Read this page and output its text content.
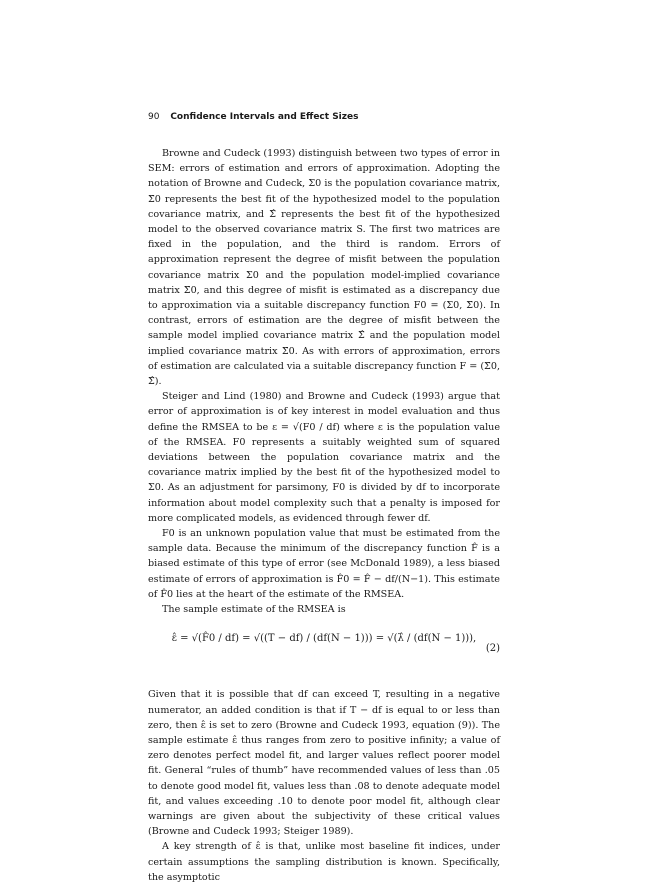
90 Confidence Intervals and Effect Sizes

Browne and Cudeck (1993) distinguish between two types of error in SEM: errors of estimation and errors of approximation. Adopting the notation of Browne and Cudeck, Σ0 is the population covariance matrix, Σ̃0 represents the best fit of the hypothesized model to the population covariance matrix, and Σ̂ represents the best fit of the hypothesized model to the observed covariance matrix S. The first two matrices are fixed in the population, and the third is random. Errors of approximation represent the degree of misfit between the population covariance matrix Σ0 and the population model-implied covariance matrix Σ̃0, and this degree of misfit is estimated as a discrepancy due to approximation via a suitable discrepancy function F0 = (Σ0, Σ̃0). In contrast, errors of estimation are the degree of misfit between the sample model implied covariance matrix Σ̂ and the population model implied covariance matrix Σ̃0. As with errors of approximation, errors of estimation are calculated via a suitable discrepancy function F = (Σ̃0, Σ̂).

Steiger and Lind (1980) and Browne and Cudeck (1993) argue that error of approximation is of key interest in model evaluation and thus define the RMSEA to be ε = √(F0 / df) where ε is the population value of the RMSEA. F0 represents a suitably weighted sum of squared deviations between the population covariance matrix and the covariance matrix implied by the best fit of the hypothesized model to Σ0. As an adjustment for parsimony, F0 is divided by df to incorporate information about model complexity such that a penalty is imposed for more complicated models, as evidenced through fewer df.

F0 is an unknown population value that must be estimated from the sample data. Because the minimum of the discrepancy function F̂ is a biased estimate of this type of error (see McDonald 1989), a less biased estimate of errors of approximation is F̂0 = F̂ − df/(N−1). This estimate of F̂0 lies at the heart of the estimate of the RMSEA.

The sample estimate of the RMSEA is

ε̂ = √(F̂0 / df) = √((T − df) / (df(N − 1))) = √(λ̂ / (df(N − 1))),
(2)

Given that it is possible that df can exceed T, resulting in a negative numerator, an added condition is that if T − df is equal to or less than zero, then ε̂ is set to zero (Browne and Cudeck 1993, equation (9)). The sample estimate ε̂ thus ranges from zero to positive infinity; a value of zero denotes perfect model fit, and larger values reflect poorer model fit. General “rules of thumb” have recommended values of less than .05 to denote good model fit, values less than .08 to denote adequate model fit, and values exceeding .10 to denote poor model fit, although clear warnings are given about the subjectivity of these critical values (Browne and Cudeck 1993; Steiger 1989).

A key strength of ε̂ is that, unlike most baseline fit indices, under certain assumptions the sampling distribution is known. Specifically, the asymptotic
